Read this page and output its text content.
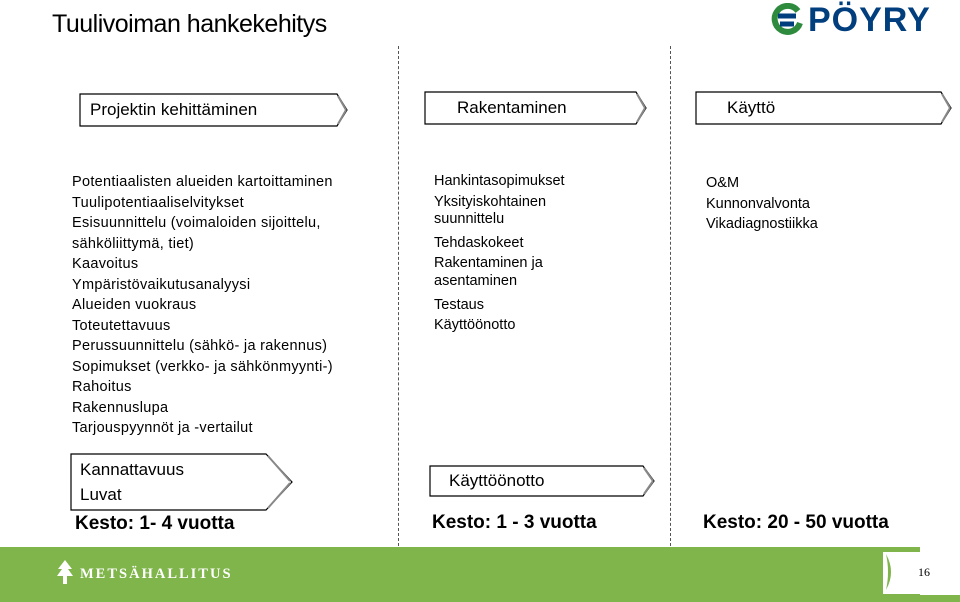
Tuulivoiman hankekehitys	PÖYRY
Projektin kehittäminen	Rakentaminen	Käyttö
Potentiaalisten alueiden kartoittaminen
Tuulipotentiaaliselvitykset
Esisuunnittelu (voimaloiden sijoittelu,
sähköliittymä, tiet)
Kaavoitus
Ympäristövaikutusanalyysi
Alueiden vuokraus
Toteutettavuus
Perussuunnittelu (sähkö- ja rakennus)
Sopimukset (verkko- ja sähkönmyynti-)
Rahoitus
Rakennuslupa
Tarjouspyynnöt ja -vertailut
Hankintasopimukset
Yksityiskohtainen
suunnittelu
Tehdaskokeet
Rakentaminen ja
asentaminen
Testaus
Käyttöönotto
O&M
Kunnonvalvonta
Vikadiagnostiikka
Kannattavuus
Luvat
Käyttöönotto
Kesto: 1- 4 vuotta	Kesto: 1 - 3 vuotta	Kesto: 20 - 50 vuotta
METSÄHALLITUS	16
